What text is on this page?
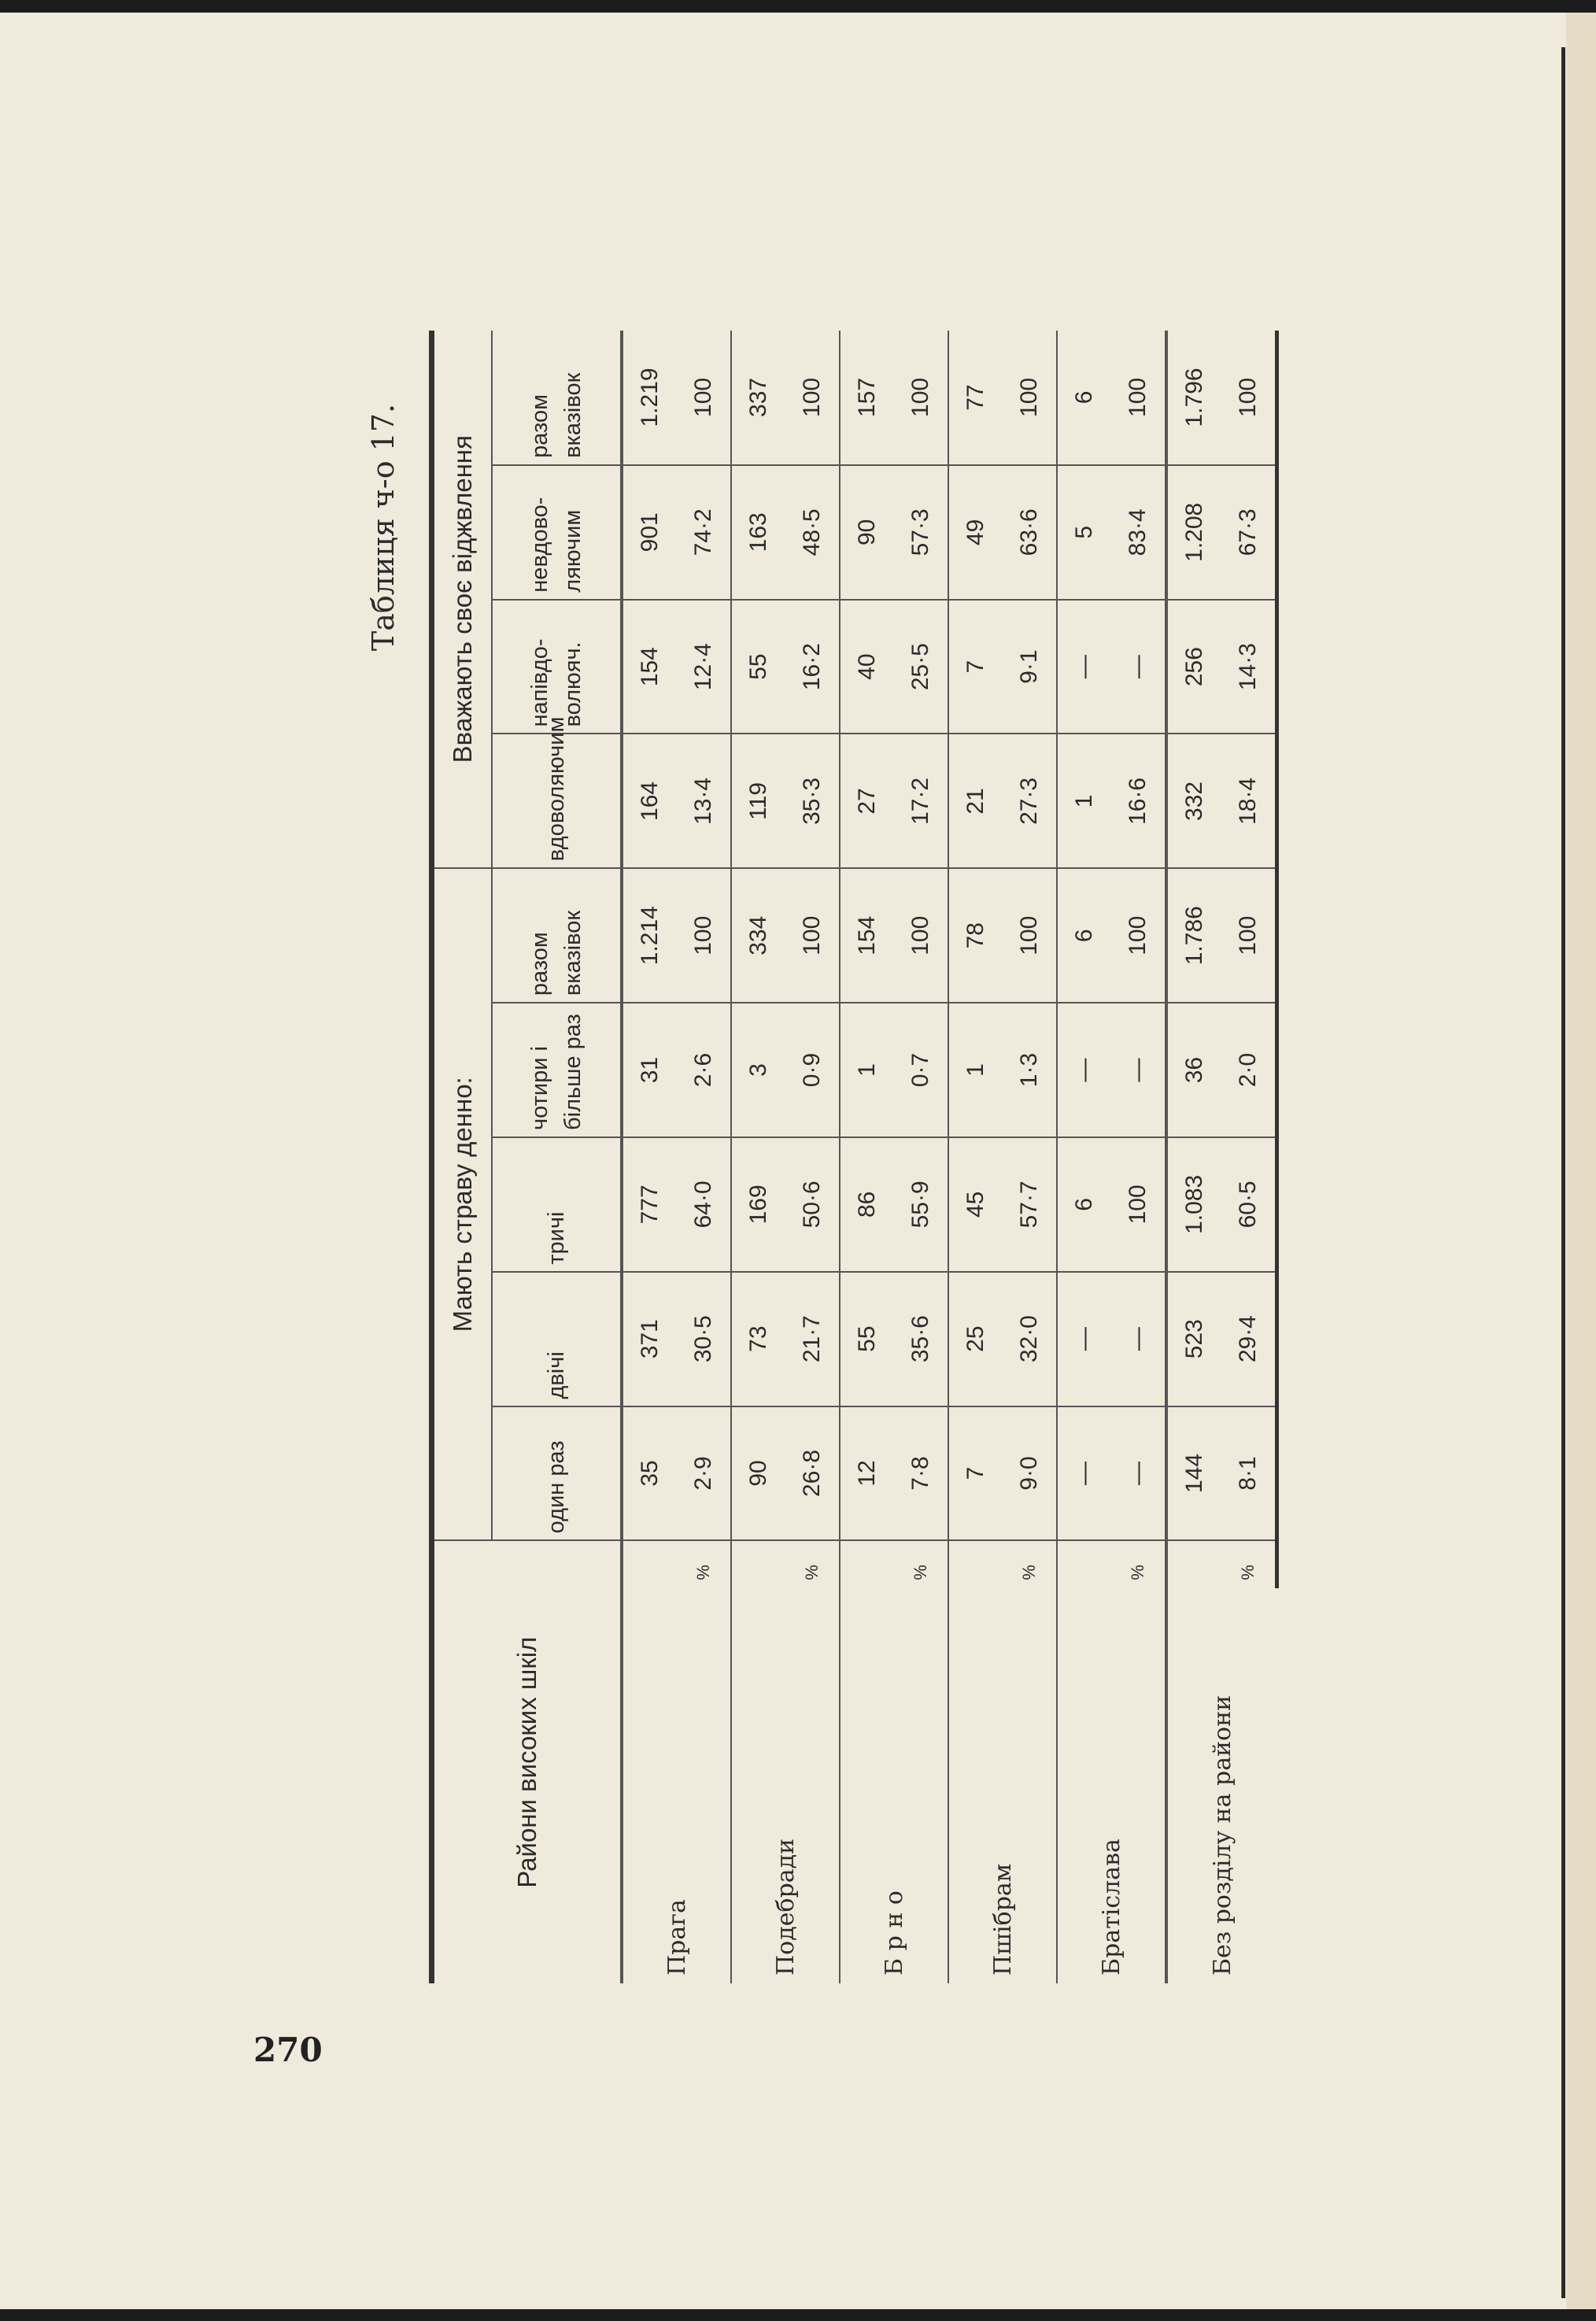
Таблиця ч-о 17.
Райони високих шкіл		Мають страву денно:					Вважають своє віджвлення			
		один раз	двічі	тричі	чотири і більше раз	разом вказівок	вдоволяючим	напівдо-волюяч.	невдово-ляючим	разом вказівок
Прага		35	371	777	31	1.214	164	154	901	1.219
	%	2·9	30·5	64·0	2·6	100	13·4	12·4	74·2	100
Подебради		90	73	169	3	334	119	55	163	337
	%	26·8	21·7	50·6	0·9	100	35·3	16·2	48·5	100
Б р н о		12	55	86	1	154	27	40	90	157
	%	7·8	35·6	55·9	0·7	100	17·2	25·5	57·3	100
Пшібрам		7	25	45	1	78	21	7	49	77
	%	9·0	32·0	57·7	1·3	100	27·3	9·1	63·6	100
Братіслава		—	—	6	—	6	1	—	5	6
	%	—	—	100	—	100	16·6	—	83·4	100
Без розділу на райони		144	523	1.083	36	1.786	332	256	1.208	1.796
	%	8·1	29·4	60·5	2·0	100	18·4	14·3	67·3	100
270
